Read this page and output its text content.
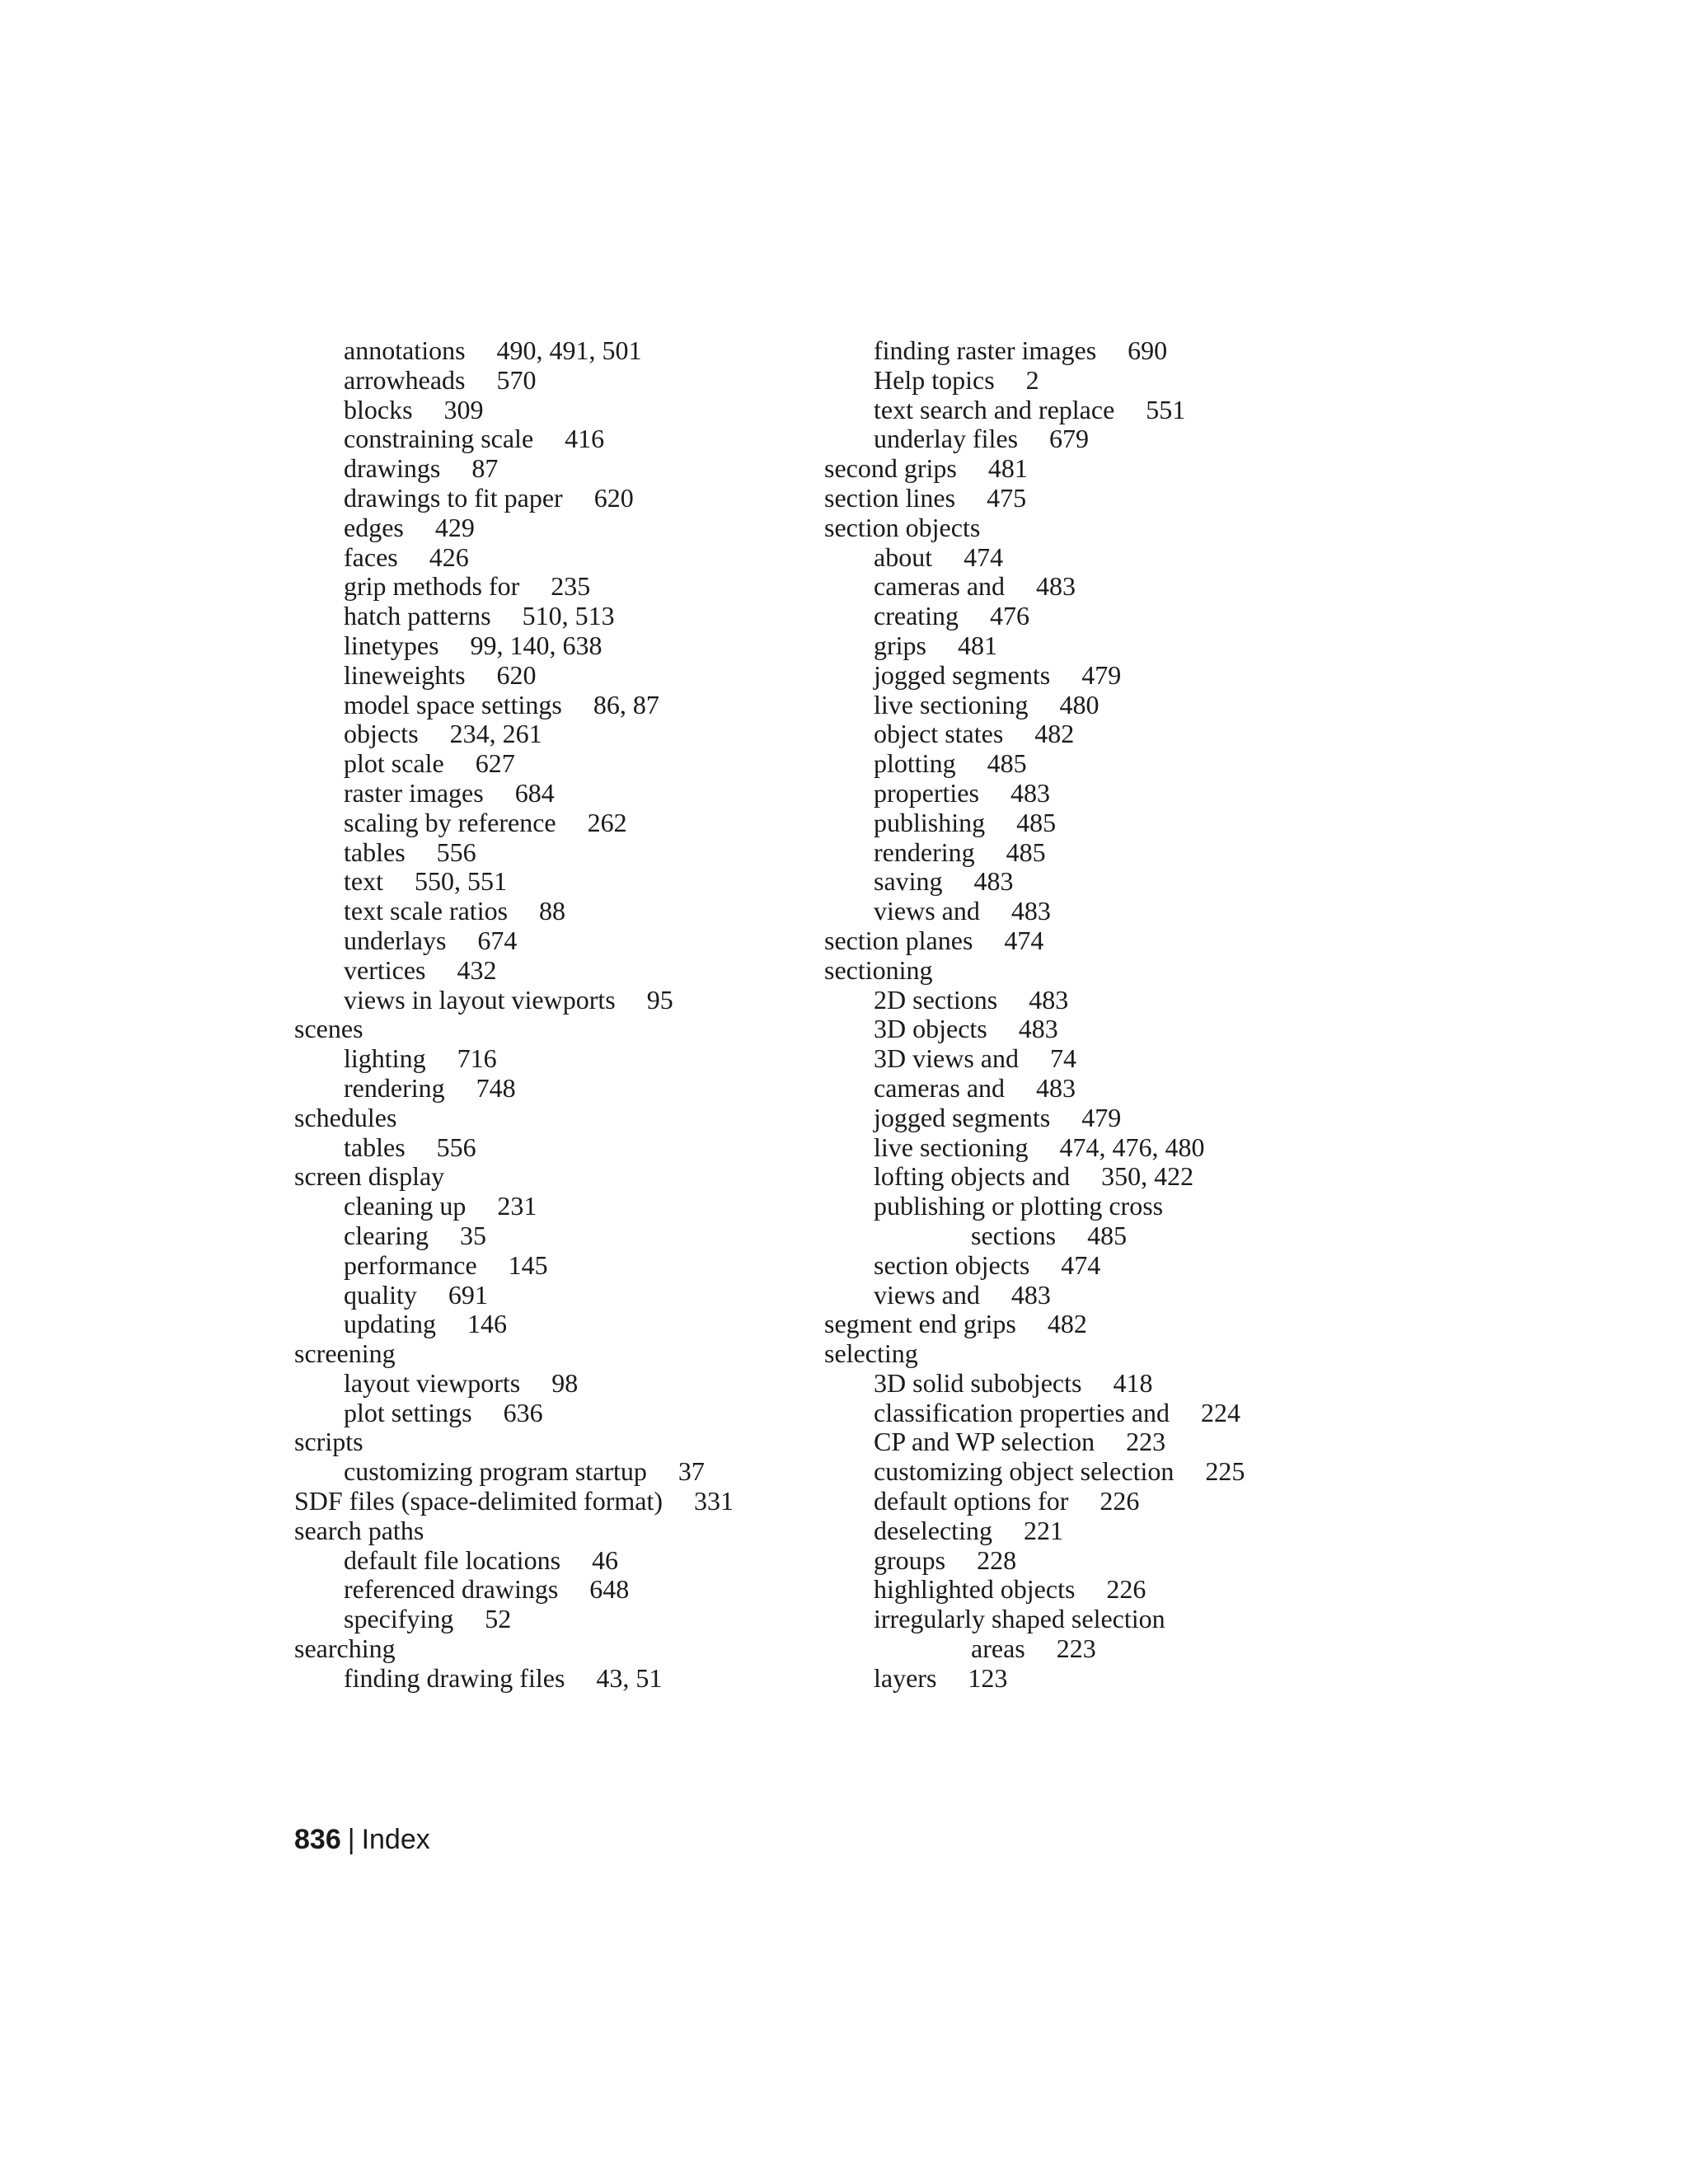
annotations 490, 491, 501
arrowheads 570
blocks 309
constraining scale 416
drawings 87
drawings to fit paper 620
edges 429
faces 426
grip methods for 235
hatch patterns 510, 513
linetypes 99, 140, 638
lineweights 620
model space settings 86, 87
objects 234, 261
plot scale 627
raster images 684
scaling by reference 262
tables 556
text 550, 551
text scale ratios 88
underlays 674
vertices 432
views in layout viewports 95
scenes
lighting 716
rendering 748
schedules
tables 556
screen display
cleaning up 231
clearing 35
performance 145
quality 691
updating 146
screening
layout viewports 98
plot settings 636
scripts
customizing program startup 37
SDF files (space-delimited format) 331
search paths
default file locations 46
referenced drawings 648
specifying 52
searching
finding drawing files 43, 51
finding raster images 690
Help topics 2
text search and replace 551
underlay files 679
second grips 481
section lines 475
section objects
about 474
cameras and 483
creating 476
grips 481
jogged segments 479
live sectioning 480
object states 482
plotting 485
properties 483
publishing 485
rendering 485
saving 483
views and 483
section planes 474
sectioning
2D sections 483
3D objects 483
3D views and 74
cameras and 483
jogged segments 479
live sectioning 474, 476, 480
lofting objects and 350, 422
publishing or plotting cross
sections 485
section objects 474
views and 483
segment end grips 482
selecting
3D solid subobjects 418
classification properties and 224
CP and WP selection 223
customizing object selection 225
default options for 226
deselecting 221
groups 228
highlighted objects 226
irregularly shaped selection
areas 223
layers 123
836 | Index
